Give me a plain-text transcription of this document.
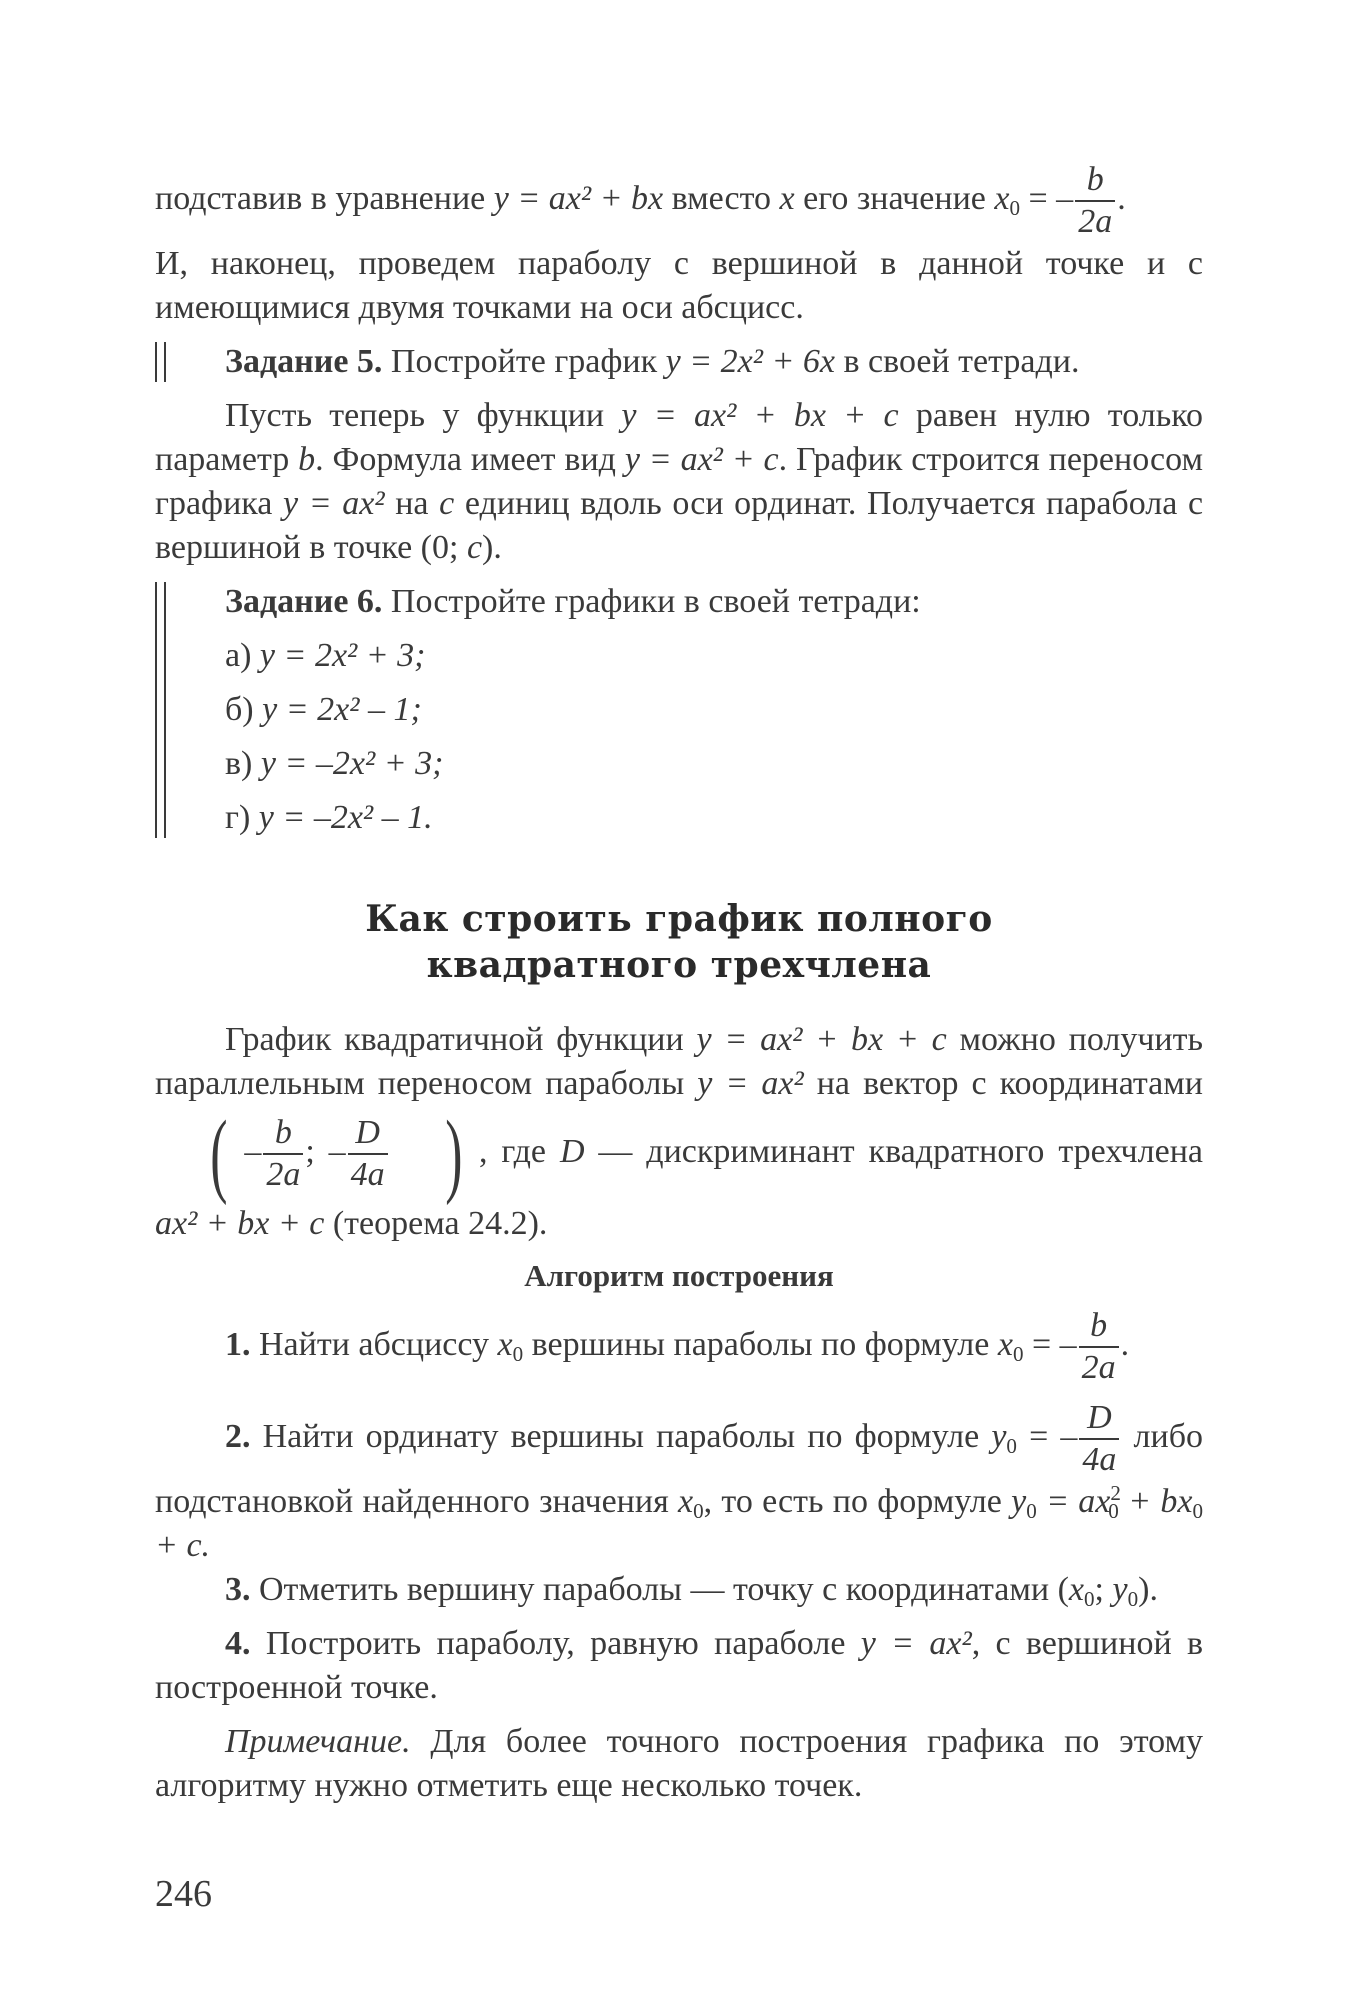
подставив в уравнение y = ax² + bx вместо x его значение $x_0$ = – $\frac{b}{2a}$ .

И, наконец, проведем параболу с вершиной в данной точке и с имеющимися двумя точками на оси абсцисс.

Задание 5. Постройте график y = 2x² + 6x в своей тетради.

Пусть теперь у функции y = ax² + bx + c равен нулю только параметр b. Формула имеет вид y = ax² + c. График строится переносом графика y = ax² на c единиц вдоль оси ординат. Получается парабола с вершиной в точке (0; c).

Задание 6. Постройте графики в своей тетради:

а) y = 2x² + 3;

б) y = 2x² – 1;

в) y = –2x² + 3;

г) y = –2x² – 1.

Как строить график полного
квадратного трехчлена

График квадратичной функции y = ax² + bx + c можно получить параллельным переносом параболы y = ax² на вектор с координатами ( – $\frac{b}{2a}$ ; – $\frac{D}{4a}$ ) , где D — дискриминант квадратного трехчлена ax² + bx + c (теорема 24.2).

Алгоритм построения

1. Найти абсциссу $x_0$ вершины параболы по формуле $x_0$ = – $\frac{b}{2a}$ .

2. Найти ординату вершины параболы по формуле $y_0$ = – $\frac{D}{4a}$ либо подстановкой найденного значения $x_0$, то есть по формуле $y_0 = ax^2_0 + bx_0 + c$.

3. Отметить вершину параболы — точку с координатами ($x_0$; $y_0$).

4. Построить параболу, равную параболе y = ax², с вершиной в построенной точке.

Примечание. Для более точного построения графика по этому алгоритму нужно отметить еще несколько точек.

246
